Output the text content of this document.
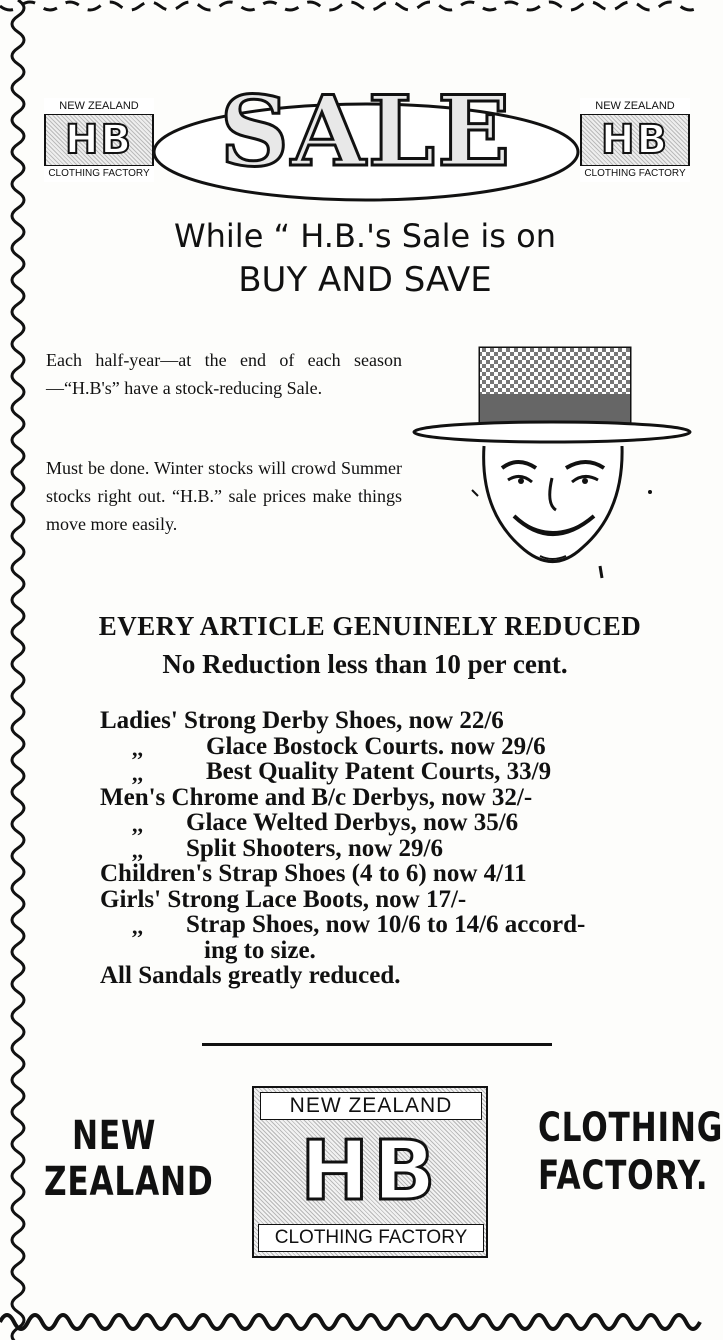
NEW ZEALAND
HB
CLOTHING FACTORY
NEW ZEALAND
HB
CLOTHING FACTORY
SALE
While “ H.B.'s Sale is on
BUY AND SAVE

Each half-year—at the end of each season—“H.B's” have a stock-reducing Sale.

Must be done. Winter stocks will crowd Summer stocks right out. “H.B.” sale prices make things move more easily.

EVERY ARTICLE GENUINELY REDUCED
No Reduction less than 10 per cent.
Ladies' Strong Derby Shoes, now 22/6
,,	Glace Bostock Courts. now 29/6
,,	Best Quality Patent Courts, 33/9
Men's Chrome and B/c Derbys, now 32/-
,, Glace Welted Derbys, now 35/6
,, Split Shooters, now 29/6
Children's Strap Shoes (4 to 6) now 4/11
Girls' Strong Lace Boots, now 17/-
,, Strap Shoes, now 10/6 to 14/6 accord-
ing to size.
All Sandals greatly reduced.
NEW
ZEALAND
CLOTHING
FACTORY.
NEW ZEALAND
HB
CLOTHING FACTORY
